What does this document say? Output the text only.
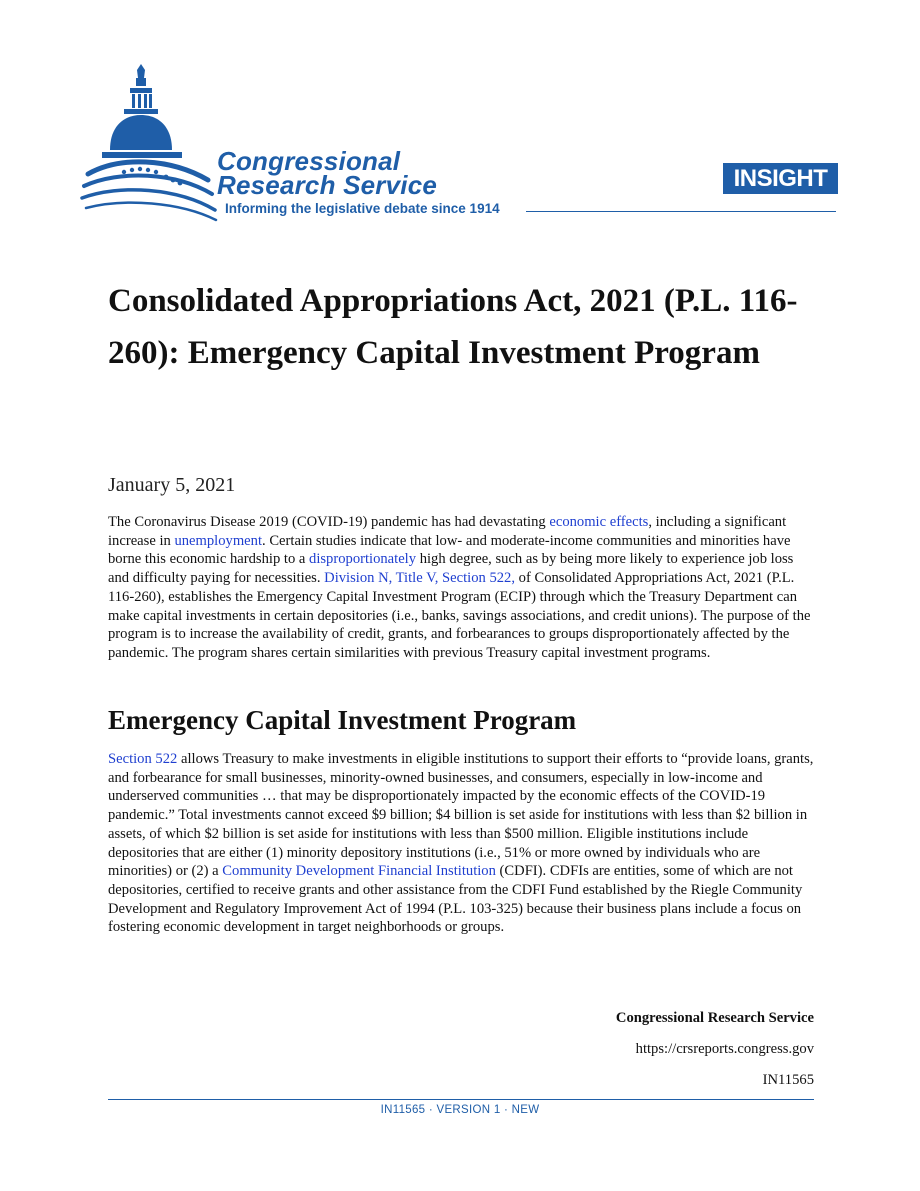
Congressional
Research Service
Informing the legislative debate since 1914
INSIGHT
Consolidated Appropriations Act, 2021 (P.L. 116-260): Emergency Capital Investment Program
January 5, 2021

The Coronavirus Disease 2019 (COVID-19) pandemic has had devastating economic effects, including a significant increase in unemployment. Certain studies indicate that low- and moderate-income communities and minorities have borne this economic hardship to a disproportionately high degree, such as by being more likely to experience job loss and difficulty paying for necessities. Division N, Title V, Section 522, of Consolidated Appropriations Act, 2021 (P.L. 116-260), establishes the Emergency Capital Investment Program (ECIP) through which the Treasury Department can make capital investments in certain depositories (i.e., banks, savings associations, and credit unions). The purpose of the program is to increase the availability of credit, grants, and forbearances to groups disproportionately affected by the pandemic. The program shares certain similarities with previous Treasury capital investment programs.

Emergency Capital Investment Program

Section 522 allows Treasury to make investments in eligible institutions to support their efforts to “provide loans, grants, and forbearance for small businesses, minority-owned businesses, and consumers, especially in low-income and underserved communities … that may be disproportionately impacted by the economic effects of the COVID-19 pandemic.” Total investments cannot exceed $9 billion; $4 billion is set aside for institutions with less than $2 billion in assets, of which $2 billion is set aside for institutions with less than $500 million. Eligible institutions include depositories that are either (1) minority depository institutions (i.e., 51% or more owned by individuals who are minorities) or (2) a Community Development Financial Institution (CDFI). CDFIs are entities, some of which are not depositories, certified to receive grants and other assistance from the CDFI Fund established by the Riegle Community Development and Regulatory Improvement Act of 1994 (P.L. 103-325) because their business plans include a focus on fostering economic development in target neighborhoods or groups.

Congressional Research Service
https://crsreports.congress.gov
IN11565
IN11565 · VERSION 1 · NEW
